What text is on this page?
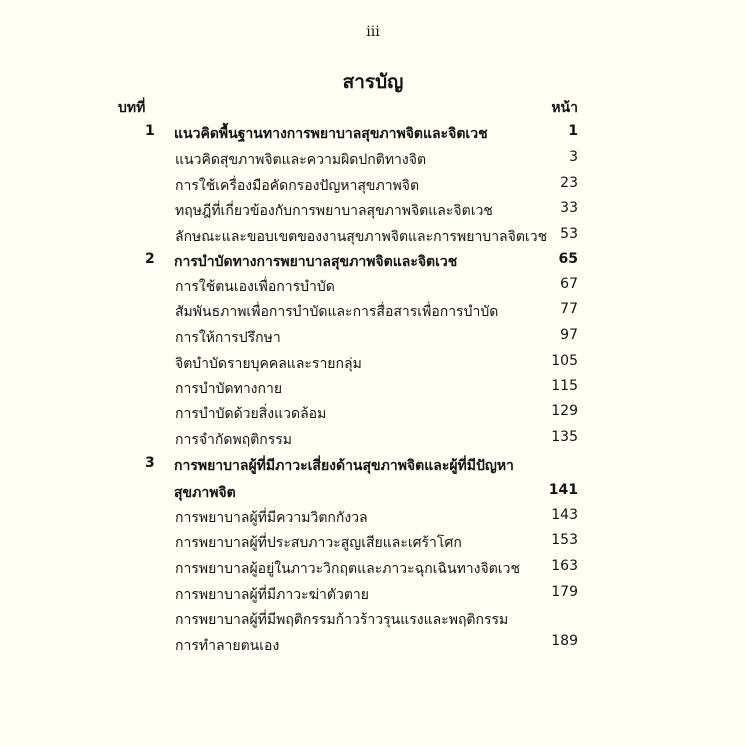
iii
สารบัญ
บทที่	หน้า
1 แนวคิดพื้นฐานทางการพยาบาลสุขภาพจิตและจิตเวช	1
แนวคิดสุขภาพจิตและความผิดปกติทางจิต	3
การใช้เครื่องมือคัดกรองปัญหาสุขภาพจิต	23
ทฤษฎีที่เกี่ยวข้องกับการพยาบาลสุขภาพจิตและจิตเวช	33
ลักษณะและขอบเขตของงานสุขภาพจิตและการพยาบาลจิตเวช 53
2 การบำบัดทางการพยาบาลสุขภาพจิตและจิตเวช	65
การใช้ตนเองเพื่อการบำบัด	67
สัมพันธภาพเพื่อการบำบัดและการสื่อสารเพื่อการบำบัด	77
การให้การปรึกษา	97
จิตบำบัดรายบุคคลและรายกลุ่ม	105
การบำบัดทางกาย	115
การบำบัดด้วยสิ่งแวดล้อม	129
การจำกัดพฤติกรรม	135
3 การพยาบาลผู้ที่มีภาวะเสี่ยงด้านสุขภาพจิตและผู้ที่มีปัญหา
สุขภาพจิต	141
การพยาบาลผู้ที่มีความวิตกกังวล	143
การพยาบาลผู้ที่ประสบภาวะสูญเสียและเศร้าโศก	153
การพยาบาลผู้อยู่ในภาวะวิกฤตและภาวะฉุกเฉินทางจิตเวช 163
การพยาบาลผู้ที่มีภาวะฆ่าตัวตาย	179
การพยาบาลผู้ที่มีพฤติกรรมก้าวร้าวรุนแรงและพฤติกรรม
การทำลายตนเอง	189
